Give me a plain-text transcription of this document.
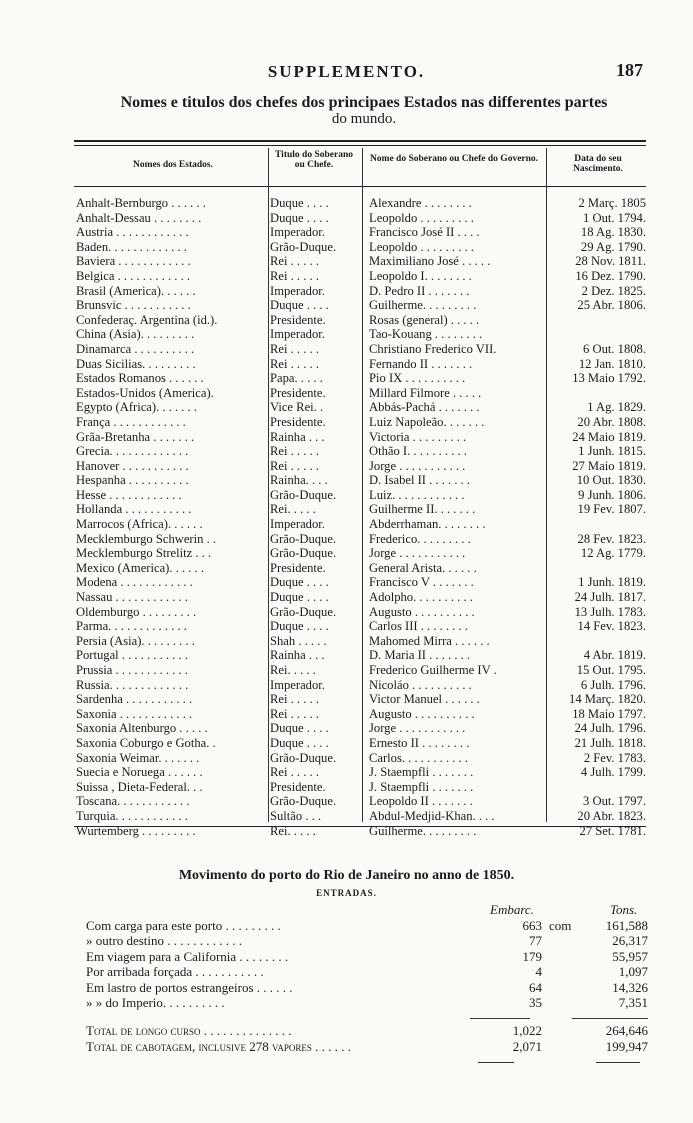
SUPPLEMENTO.	187
Nomes e titulos dos chefes dos principaes Estados nas differentes partes
do mundo.
Nomes dos Estados.
Titulo do Soberano ou Chefe.
Nome do Soberano ou Chefe do Governo.	Data do seu Nascimento.
Anhalt-Bernburgo . . . . . .	Duque . . . .	Alexandre . . . . . . . .	2 Març. 1805
Anhalt-Dessau . . . . . . . .	Duque . . . .	Leopoldo . . . . . . . . .	1 Out. 1794.
Austria . . . . . . . . . . . .	Imperador.	Francisco José II . . . .	18 Ag. 1830.
Baden. . . . . . . . . . . . .	Grão-Duque.	Leopoldo . . . . . . . . .	29 Ag. 1790.
Baviera . . . . . . . . . . . .	Rei . . . . .	Maximiliano José . . . . .	28 Nov. 1811.
Belgica . . . . . . . . . . . .	Rei . . . . .	Leopoldo I. . . . . . . .	16 Dez. 1790.
Brasil (America). . . . . .	Imperador.	D. Pedro II . . . . . . .	2 Dez. 1825.
Brunsvic . . . . . . . . . . .	Duque . . . .	Guilherme. . . . . . . . .	25 Abr. 1806.
Confederaç. Argentina (id.).	Presidente.	Rosas (general) . . . . .
China (Asia). . . . . . . . .	Imperador.	Tao-Kouang . . . . . . . .
Dinamarca . . . . . . . . . .	Rei . . . . .	Christiano Frederico VII.	6 Out. 1808.
Duas Sicilias. . . . . . . . .	Rei . . . . .	Fernando II . . . . . . .	12 Jan. 1810.
Estados Romanos . . . . . .	Papa. . . . .	Pio IX . . . . . . . . . .	13 Maio 1792.
Estados-Unidos (America).	Presidente.	Millard Filmore . . . . .
Egypto (Africa). . . . . . .	Vice Rei. .	Abbás-Pachá . . . . . . .	1 Ag. 1829.
França . . . . . . . . . . . .	Presidente.	Luiz Napoleão. . . . . . .	20 Abr. 1808.
Grãa-Bretanha . . . . . . .	Rainha . . .	Victoria . . . . . . . . .	24 Maio 1819.
Grecia. . . . . . . . . . . . .	Rei . . . . .	Othão I. . . . . . . . . .	1 Junh. 1815.
Hanover . . . . . . . . . . .	Rei . . . . .	Jorge . . . . . . . . . . .	27 Maio 1819.
Hespanha . . . . . . . . . .	Rainha. . . .	D. Isabel II . . . . . . .	10 Out. 1830.
Hesse . . . . . . . . . . . .	Grão-Duque.	Luiz. . . . . . . . . . . .	9 Junh. 1806.
Hollanda . . . . . . . . . . .	Rei. . . . .	Guilherme II. . . . . . .	19 Fev. 1807.
Marrocos (Africa). . . . . .	Imperador.	Abderrhaman. . . . . . . .
Mecklemburgo Schwerin . .	Grão-Duque.	Frederico. . . . . . . . .	28 Fev. 1823.
Mecklemburgo Strelitz . . .	Grão-Duque.	Jorge . . . . . . . . . . .	12 Ag. 1779.
Mexico (America). . . . . .	Presidente.	General Arista. . . . . .
Modena . . . . . . . . . . . .	Duque . . . .	Francisco V . . . . . . .	1 Junh. 1819.
Nassau . . . . . . . . . . . .	Duque . . . .	Adolpho. . . . . . . . . .	24 Julh. 1817.
Oldemburgo . . . . . . . . .	Grão-Duque.	Augusto . . . . . . . . . .	13 Julh. 1783.
Parma. . . . . . . . . . . . .	Duque . . . .	Carlos III . . . . . . . .	14 Fev. 1823.
Persia (Asia). . . . . . . . .	Shah . . . . .	Mahomed Mirra . . . . . .
Portugal . . . . . . . . . . .	Rainha . . .	D. Maria II . . . . . . .	4 Abr. 1819.
Prussia . . . . . . . . . . . .	Rei. . . . .	Frederico Guilherme IV .	15 Out. 1795.
Russia. . . . . . . . . . . . .	Imperador.	Nicoláo . . . . . . . . . .	6 Julh. 1796.
Sardenha . . . . . . . . . . .	Rei . . . . .	Victor Manuel . . . . . .	14 Març. 1820.
Saxonia . . . . . . . . . . . .	Rei . . . . .	Augusto . . . . . . . . . .	18 Maio 1797.
Saxonia Altenburgo . . . . .	Duque . . . .	Jorge . . . . . . . . . . .	24 Julh. 1796.
Saxonia Coburgo e Gotha. .	Duque . . . .	Ernesto II . . . . . . . .	21 Julh. 1818.
Saxonia Weimar. . . . . . .	Grão-Duque.	Carlos. . . . . . . . . . .	2 Fev. 1783.
Suecia e Noruega . . . . . .	Rei . . . . .	J. Staempfli . . . . . . .	4 Julh. 1799.
Suissa , Dieta-Federal. . .	Presidente.	J. Staempfli . . . . . . .
Toscana. . . . . . . . . . . .	Grão-Duque.	Leopoldo II . . . . . . .	3 Out. 1797.
Turquia. . . . . . . . . . . .	Sultão . . .	Abdul-Medjid-Khan. . . .	20 Abr. 1823.
Wurtemberg . . . . . . . . .	Rei. . . . .	Guilherme. . . . . . . . .	27 Set. 1781.
Movimento do porto do Rio de Janeiro no anno de 1850.
ENTRADAS.
Embarc.	Tons.
Com carga para este porto . . . . . . . . .	663 com	161,588
» outro destino . . . . . . . . . . . .	77	26,317
Em viagem para a California . . . . . . . .	179	55,957
Por arribada forçada . . . . . . . . . . .	4	1,097
Em lastro de portos estrangeiros . . . . . .	64	14,326
» » do Imperio. . . . . . . . . .	35	7,351
Total de longo curso . . . . . . . . . . . . . .	1,022	264,646
Total de cabotagem, inclusive 278 vapores . . . . . .	2,071	199,947
